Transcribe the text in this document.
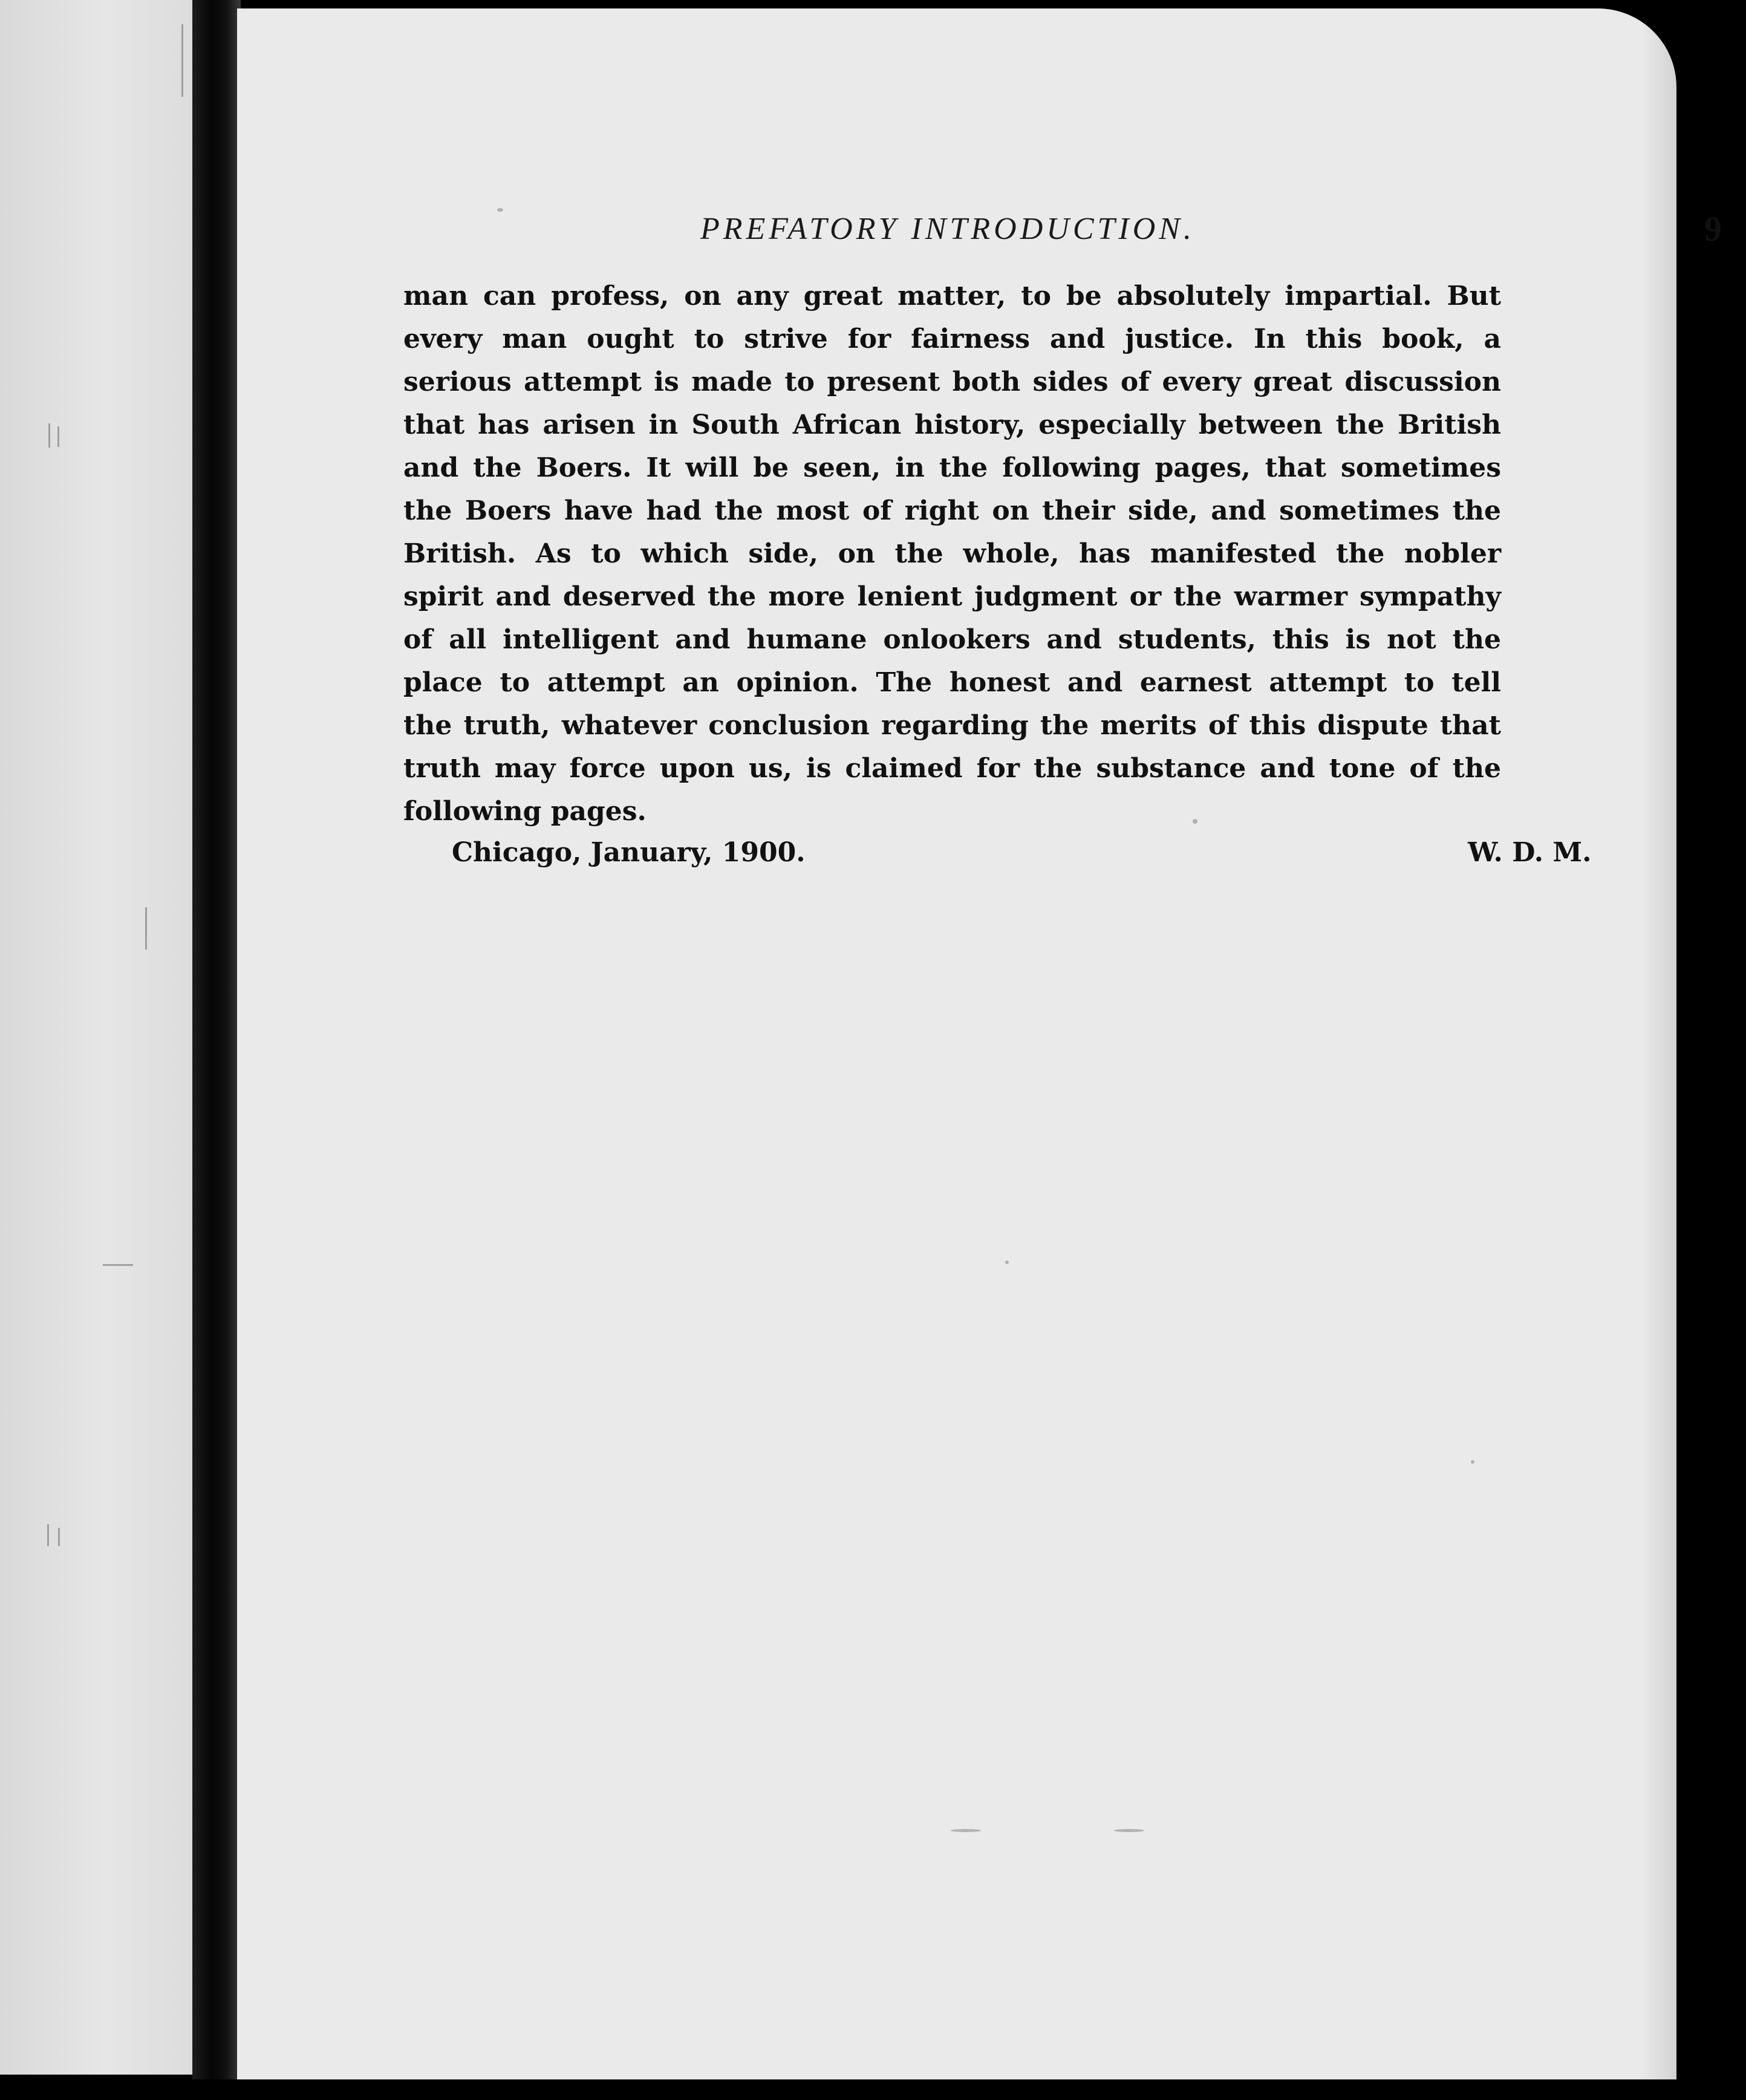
PREFATORY INTRODUCTION.	9
man can profess, on any great matter, to be absolutely impartial. But
every man ought to strive for fairness and justice. In this book, a
serious attempt is made to present both sides of every great discussion
that has arisen in South African history, especially between the British
and the Boers. It will be seen, in the following pages, that sometimes
the Boers have had the most of right on their side, and sometimes the
British. As to which side, on the whole, has manifested the nobler
spirit and deserved the more lenient judgment or the warmer sympathy
of all intelligent and humane onlookers and students, this is not the
place to attempt an opinion. The honest and earnest attempt to tell
the truth, whatever conclusion regarding the merits of this dispute that
truth may force upon us, is claimed for the substance and tone of the
following pages.
Chicago, January, 1900.	W. D. M.
